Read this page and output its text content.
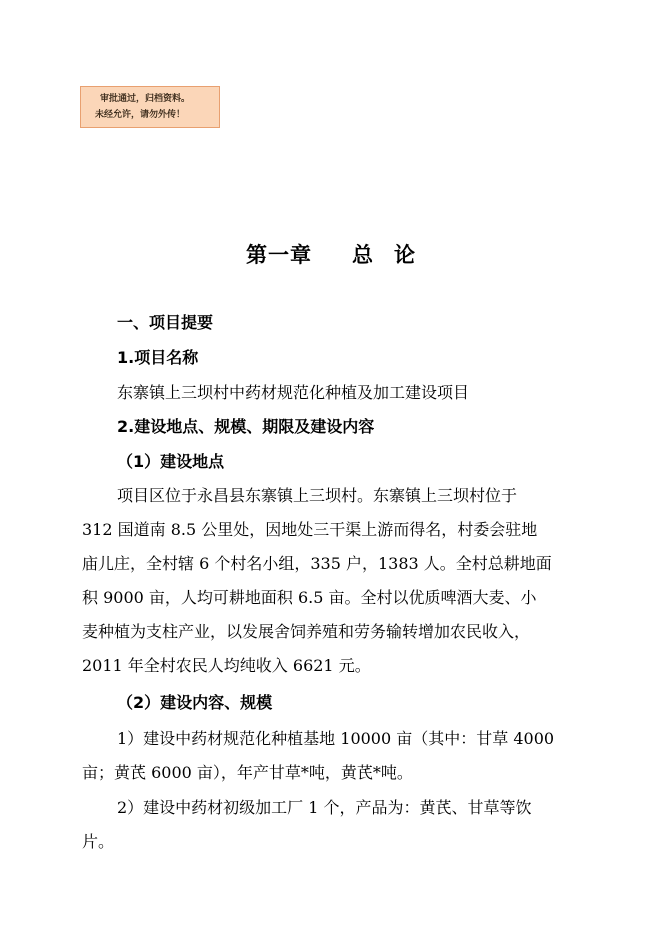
审批通过，归档资料。
未经允许，请勿外传！
第一章 总 论
一、项目提要
1.项目名称
东寨镇上三坝村中药材规范化种植及加工建设项目
2.建设地点、规模、期限及建设内容
（1）建设地点
项目区位于永昌县东寨镇上三坝村。东寨镇上三坝村位于
312 国道南 8.5 公里处，因地处三干渠上游而得名，村委会驻地
庙儿庄，全村辖 6 个村名小组，335 户，1383 人。全村总耕地面
积 9000 亩，人均可耕地面积 6.5 亩。全村以优质啤酒大麦、小
麦种植为支柱产业，以发展舍饲养殖和劳务输转增加农民收入，
2011 年全村农民人均纯收入 6621 元。
（2）建设内容、规模
1）建设中药材规范化种植基地 10000 亩（其中：甘草 4000
亩；黄芪 6000 亩），年产甘草*吨，黄芪*吨。
2）建设中药材初级加工厂 1 个，产品为：黄芪、甘草等饮
片。
